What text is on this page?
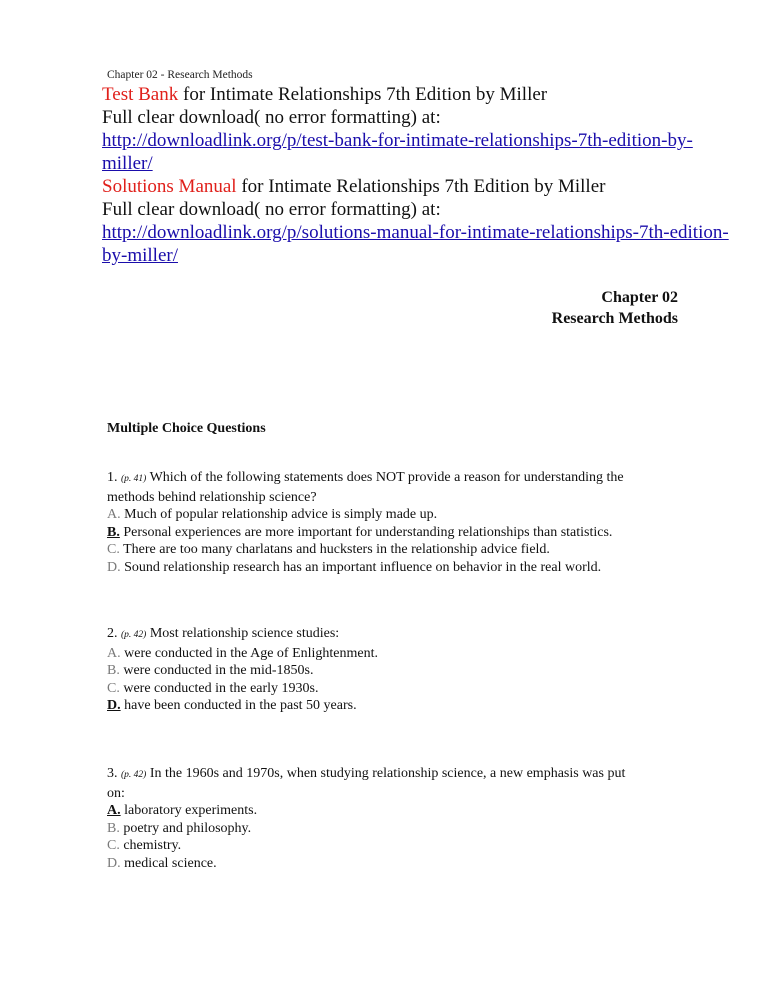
Chapter 02 - Research Methods
Test Bank for Intimate Relationships 7th Edition by Miller
Full clear download( no error formatting) at:
http://downloadlink.org/p/test-bank-for-intimate-relationships-7th-edition-by-
miller/
Solutions Manual for Intimate Relationships 7th Edition by Miller
Full clear download( no error formatting) at:
http://downloadlink.org/p/solutions-manual-for-intimate-relationships-7th-edition-
by-miller/
Chapter 02
Research Methods
Multiple Choice Questions
1. (p. 41) Which of the following statements does NOT provide a reason for understanding the
methods behind relationship science?
A. Much of popular relationship advice is simply made up.
B. Personal experiences are more important for understanding relationships than statistics.
C. There are too many charlatans and hucksters in the relationship advice field.
D. Sound relationship research has an important influence on behavior in the real world.
2. (p. 42) Most relationship science studies:
A. were conducted in the Age of Enlightenment.
B. were conducted in the mid-1850s.
C. were conducted in the early 1930s.
D. have been conducted in the past 50 years.
3. (p. 42) In the 1960s and 1970s, when studying relationship science, a new emphasis was put
on:
A. laboratory experiments.
B. poetry and philosophy.
C. chemistry.
D. medical science.
